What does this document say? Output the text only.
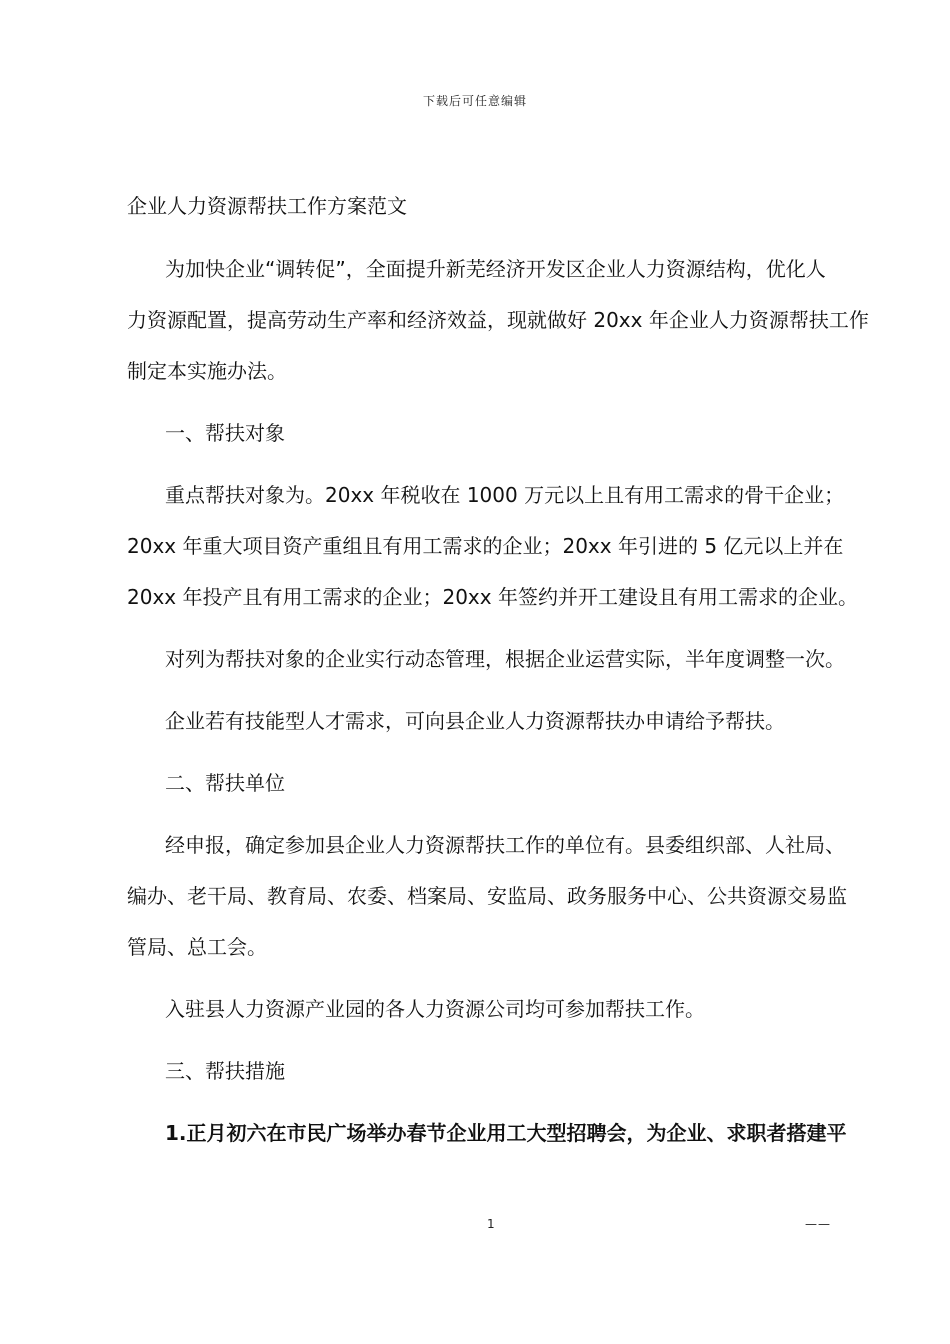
下载后可任意编辑
企业人力资源帮扶工作方案范文
为加快企业“调转促”，全面提升新芜经济开发区企业人力资源结构，优化人
力资源配置，提高劳动生产率和经济效益，现就做好 20xx 年企业人力资源帮扶工作
制定本实施办法。
一、帮扶对象
重点帮扶对象为。20xx 年税收在 1000 万元以上且有用工需求的骨干企业；
20xx 年重大项目资产重组且有用工需求的企业；20xx 年引进的 5 亿元以上并在
20xx 年投产且有用工需求的企业；20xx 年签约并开工建设且有用工需求的企业。
对列为帮扶对象的企业实行动态管理，根据企业运营实际，半年度调整一次。
企业若有技能型人才需求，可向县企业人力资源帮扶办申请给予帮扶。
二、帮扶单位
经申报，确定参加县企业人力资源帮扶工作的单位有。县委组织部、人社局、
编办、老干局、教育局、农委、档案局、安监局、政务服务中心、公共资源交易监
管局、总工会。
入驻县人力资源产业园的各人力资源公司均可参加帮扶工作。
三、帮扶措施
1.正月初六在市民广场举办春节企业用工大型招聘会，为企业、求职者搭建平
1	——
